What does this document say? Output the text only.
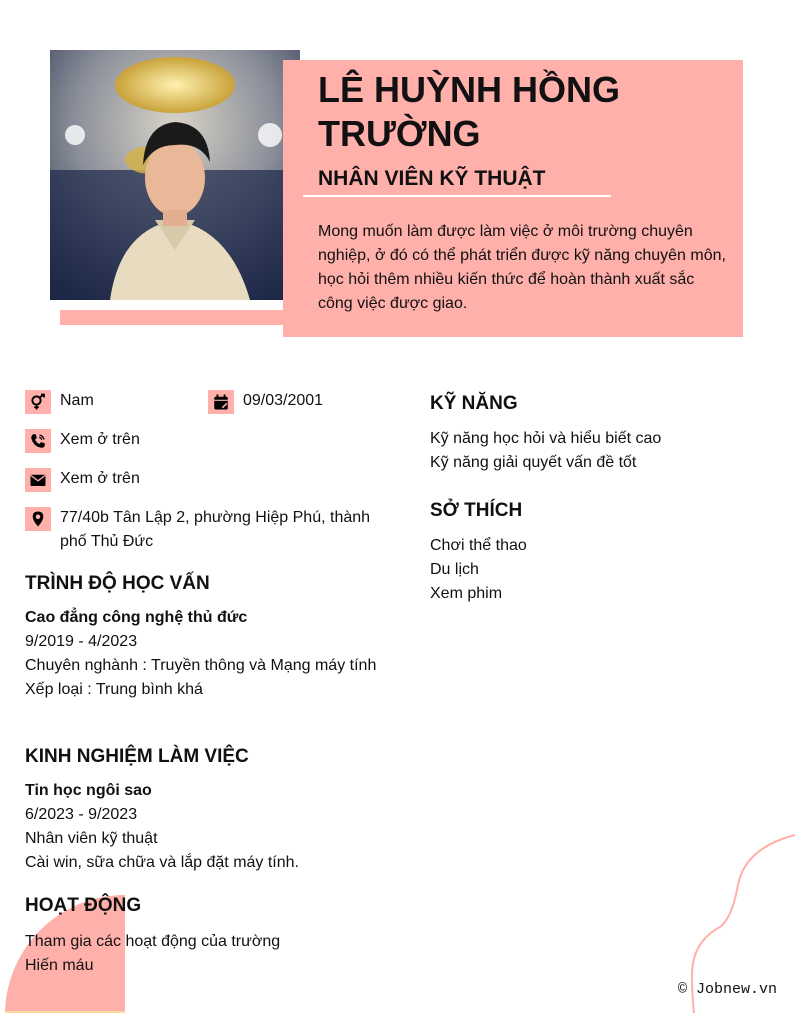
LÊ HUỲNH HỒNG TRƯỜNG
NHÂN VIÊN KỸ THUẬT
Mong muốn làm được làm việc ở môi trường chuyên nghiệp, ở đó có thể phát triển được kỹ năng chuyên môn, học hỏi thêm nhiều kiến thức để hoàn thành xuất sắc công việc được giao.
Nam	09/03/2001
Xem ở trên
Xem ở trên
77/40b Tân Lập 2, phường Hiệp Phú, thành phố Thủ Đức
TRÌNH ĐỘ HỌC VẤN
Cao đẳng công nghệ thủ đức
9/2019 - 4/2023
Chuyên nghành : Truyền thông và Mạng máy tính
Xếp loại : Trung bình khá
KINH NGHIỆM LÀM VIỆC
Tin học ngôi sao
6/2023 - 9/2023
Nhân viên kỹ thuật
Cài win, sữa chữa và lắp đặt máy tính.
HOẠT ĐỘNG
Tham gia các hoạt động của trường
Hiến máu
KỸ NĂNG
Kỹ năng học hỏi và hiểu biết cao
Kỹ năng giải quyết vấn đề tốt
SỞ THÍCH
Chơi thể thao
Du lịch
Xem phim
© Jobnew.vn
